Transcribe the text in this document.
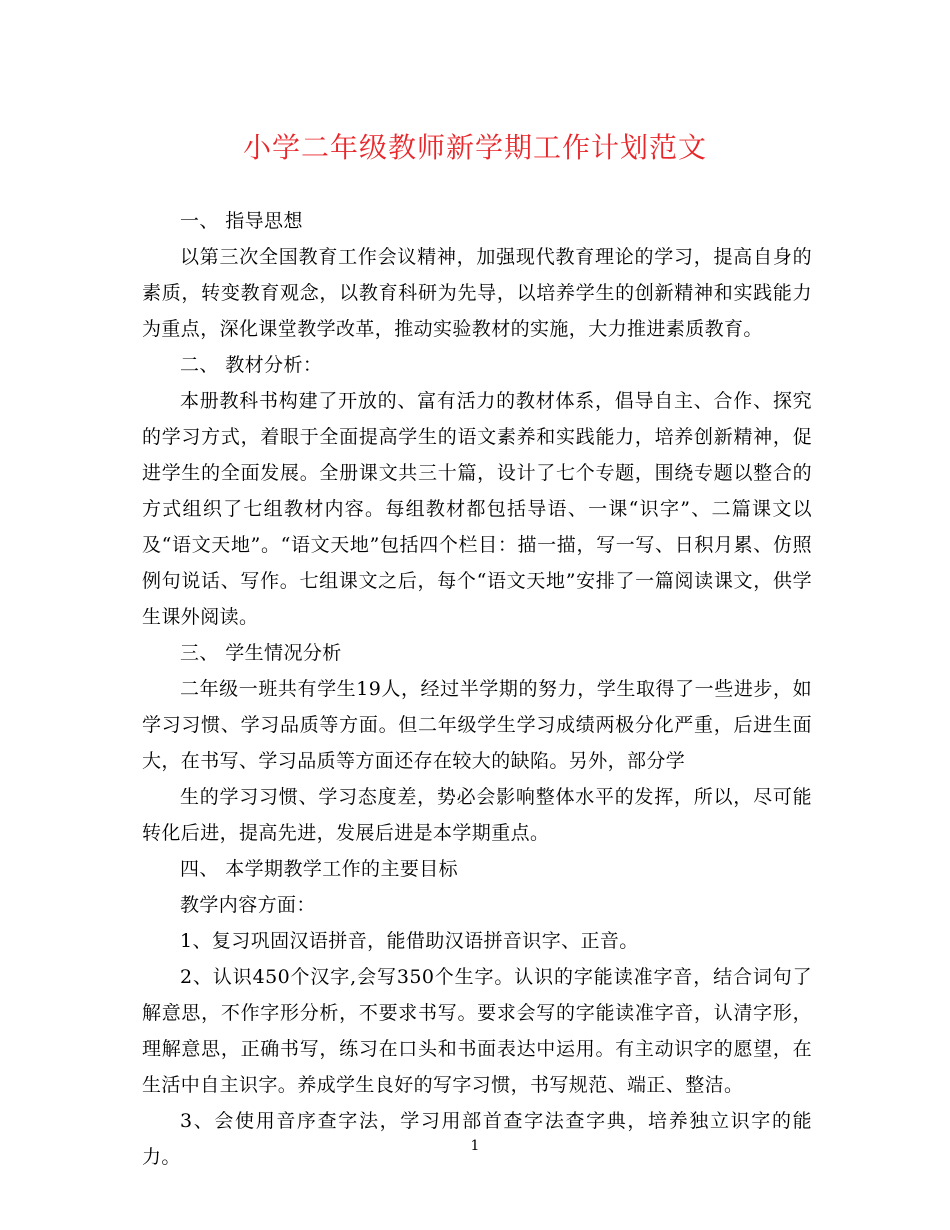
小学二年级教师新学期工作计划范文

一、 指导思想

以第三次全国教育工作会议精神，加强现代教育理论的学习，提高自身的素质，转变教育观念，以教育科研为先导，以培养学生的创新精神和实践能力为重点，深化课堂教学改革，推动实验教材的实施，大力推进素质教育。

二、 教材分析：

本册教科书构建了开放的、富有活力的教材体系，倡导自主、合作、探究的学习方式，着眼于全面提高学生的语文素养和实践能力，培养创新精神，促进学生的全面发展。全册课文共三十篇，设计了七个专题，围绕专题以整合的方式组织了七组教材内容。每组教材都包括导语、一课“识字”、二篇课文以及“语文天地”。“语文天地”包括四个栏目：描一描，写一写、日积月累、仿照例句说话、写作。七组课文之后，每个“语文天地”安排了一篇阅读课文，供学生课外阅读。

三、 学生情况分析

二年级一班共有学生19人，经过半学期的努力，学生取得了一些进步，如学习习惯、学习品质等方面。但二年级学生学习成绩两极分化严重，后进生面大，在书写、学习品质等方面还存在较大的缺陷。另外，部分学

生的学习习惯、学习态度差，势必会影响整体水平的发挥，所以，尽可能转化后进，提高先进，发展后进是本学期重点。

四、 本学期教学工作的主要目标

教学内容方面：

1、复习巩固汉语拼音，能借助汉语拼音识字、正音。

2、认识450个汉字,会写350个生字。认识的字能读准字音，结合词句了解意思，不作字形分析，不要求书写。要求会写的字能读准字音，认清字形，理解意思，正确书写，练习在口头和书面表达中运用。有主动识字的愿望，在生活中自主识字。养成学生良好的写字习惯，书写规范、端正、整洁。

3、会使用音序查字法，学习用部首查字法查字典，培养独立识字的能力。	1
